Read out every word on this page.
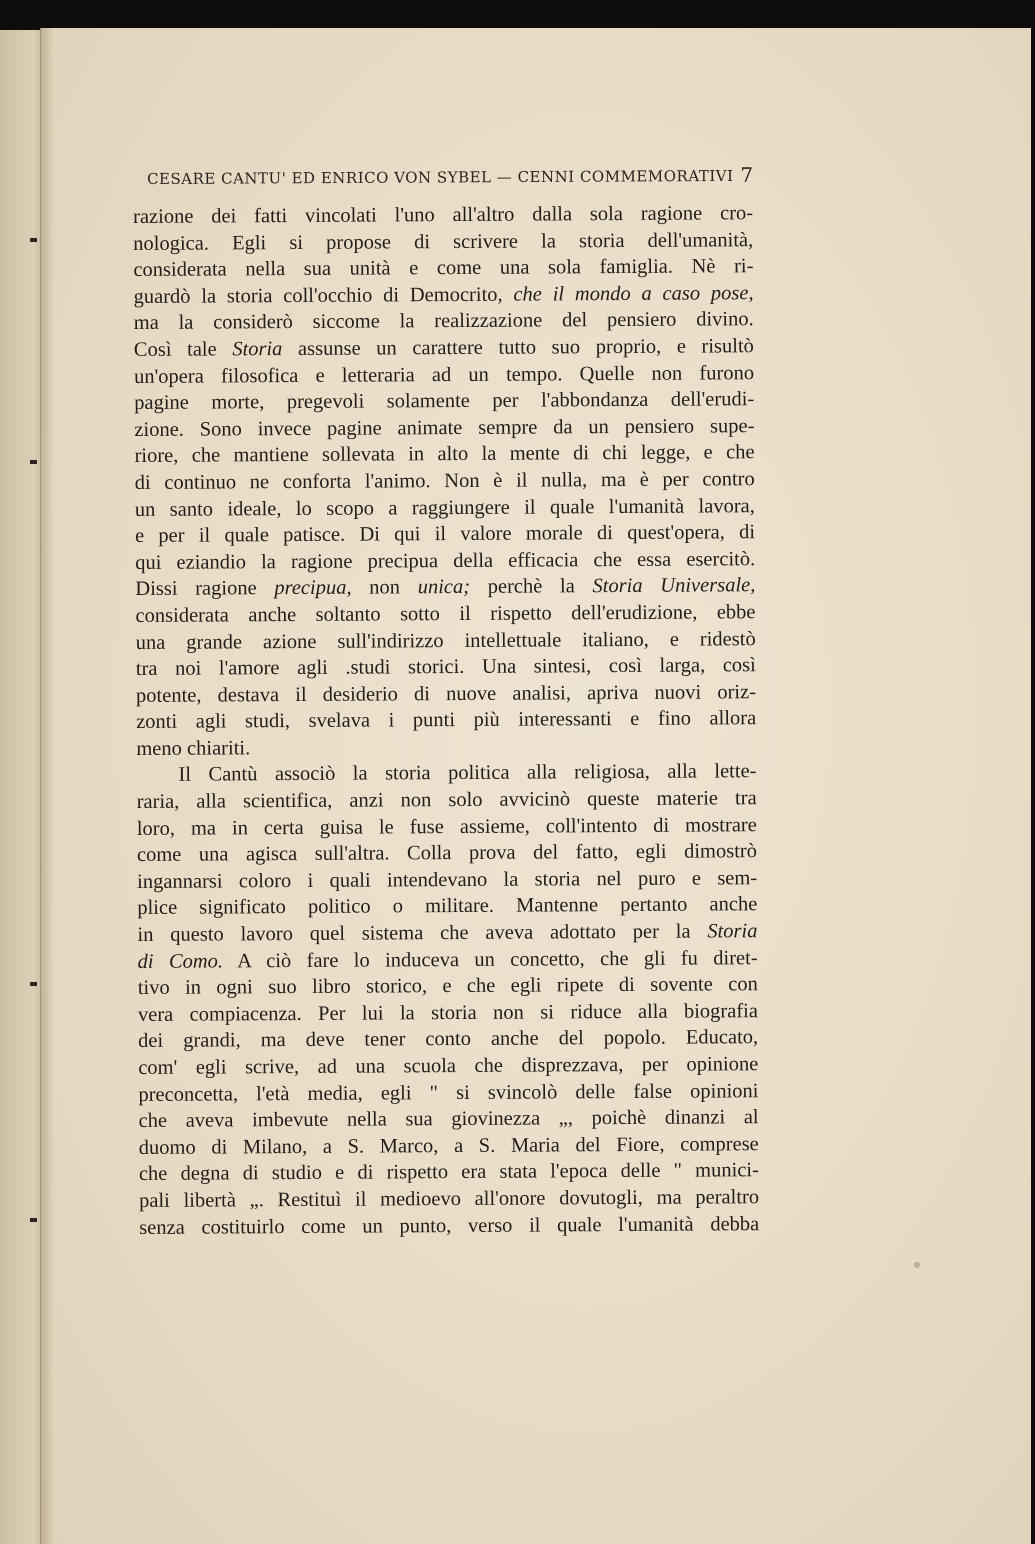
CESARE CANTU' ED ENRICO VON SYBEL — CENNI COMMEMORATIVI 7
razione dei fatti vincolati l'uno all'altro dalla sola ragione cro-
nologica. Egli si propose di scrivere la storia dell'umanità,
considerata nella sua unità e come una sola famiglia. Nè ri-
guardò la storia coll'occhio di Democrito, che il mondo a caso pose,
ma la considerò siccome la realizzazione del pensiero divino.
Così tale Storia assunse un carattere tutto suo proprio, e risultò
un'opera filosofica e letteraria ad un tempo. Quelle non furono
pagine morte, pregevoli solamente per l'abbondanza dell'erudi-
zione. Sono invece pagine animate sempre da un pensiero supe-
riore, che mantiene sollevata in alto la mente di chi legge, e che
di continuo ne conforta l'animo. Non è il nulla, ma è per contro
un santo ideale, lo scopo a raggiungere il quale l'umanità lavora,
e per il quale patisce. Di qui il valore morale di quest'opera, di
qui eziandio la ragione precipua della efficacia che essa esercitò.
Dissi ragione precipua, non unica; perchè la Storia Universale,
considerata anche soltanto sotto il rispetto dell'erudizione, ebbe
una grande azione sull'indirizzo intellettuale italiano, e ridestò
tra noi l'amore agli .studi storici. Una sintesi, così larga, così
potente, destava il desiderio di nuove analisi, apriva nuovi oriz-
zonti agli studi, svelava i punti più interessanti e fino allora
meno chiariti.
Il Cantù associò la storia politica alla religiosa, alla lette-
raria, alla scientifica, anzi non solo avvicinò queste materie tra
loro, ma in certa guisa le fuse assieme, coll'intento di mostrare
come una agisca sull'altra. Colla prova del fatto, egli dimostrò
ingannarsi coloro i quali intendevano la storia nel puro e sem-
plice significato politico o militare. Mantenne pertanto anche
in questo lavoro quel sistema che aveva adottato per la Storia
di Como. A ciò fare lo induceva un concetto, che gli fu diret-
tivo in ogni suo libro storico, e che egli ripete di sovente con
vera compiacenza. Per lui la storia non si riduce alla biografia
dei grandi, ma deve tener conto anche del popolo. Educato,
com' egli scrive, ad una scuola che disprezzava, per opinione
preconcetta, l'età media, egli " si svincolò delle false opinioni
che aveva imbevute nella sua giovinezza „, poichè dinanzi al
duomo di Milano, a S. Marco, a S. Maria del Fiore, comprese
che degna di studio e di rispetto era stata l'epoca delle " munici-
pali libertà „. Restituì il medioevo all'onore dovutogli, ma peraltro
senza costituirlo come un punto, verso il quale l'umanità debba
